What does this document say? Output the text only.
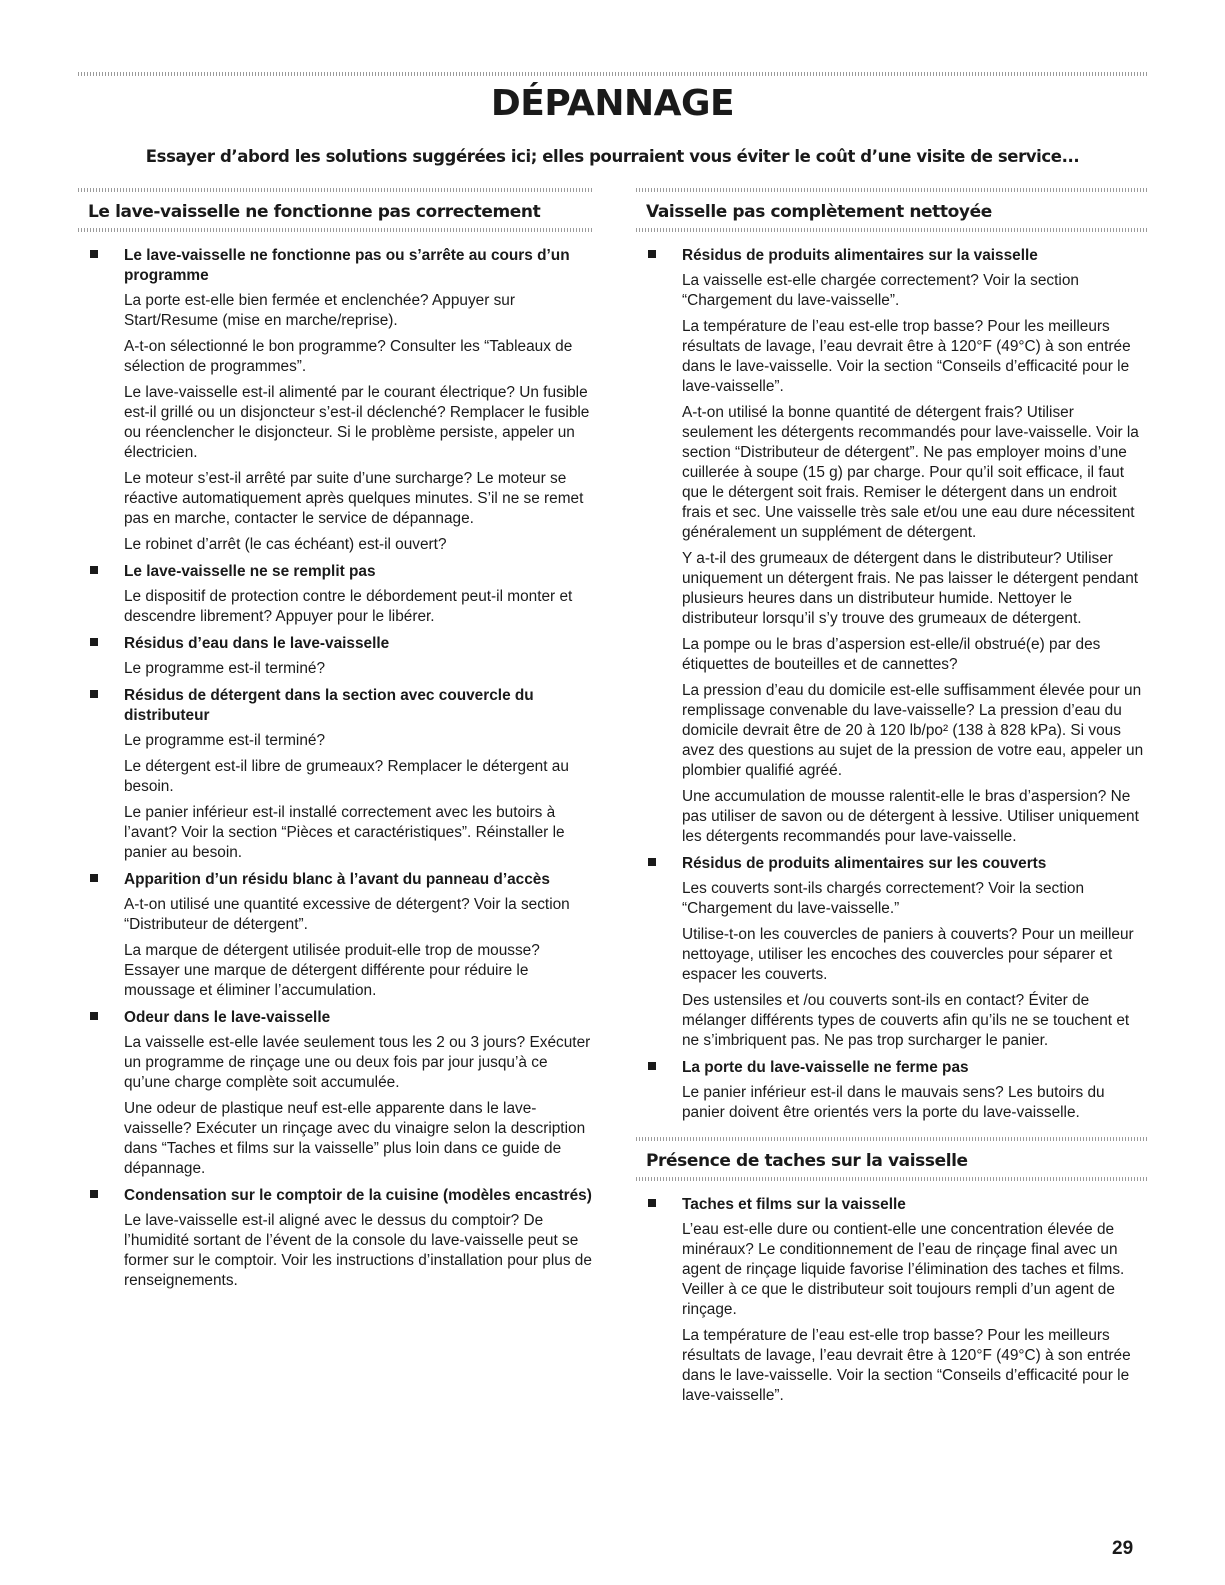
DÉPANNAGE

Essayer d’abord les solutions suggérées ici; elles pourraient vous éviter le coût d’une visite de service...

Le lave-vaisselle ne fonctionne pas correctement
Le lave-vaisselle ne fonctionne pas ou s’arrête au cours d’un programme

La porte est-elle bien fermée et enclenchée? Appuyer sur Start/Resume (mise en marche/reprise).

A-t-on sélectionné le bon programme? Consulter les “Tableaux de sélection de programmes”.

Le lave-vaisselle est-il alimenté par le courant électrique? Un fusible est-il grillé ou un disjoncteur s’est-il déclenché? Remplacer le fusible ou réenclencher le disjoncteur. Si le problème persiste, appeler un électricien.

Le moteur s’est-il arrêté par suite d’une surcharge? Le moteur se réactive automatiquement après quelques minutes. S’il ne se remet pas en marche, contacter le service de dépannage.

Le robinet d’arrêt (le cas échéant) est-il ouvert?

Le lave-vaisselle ne se remplit pas

Le dispositif de protection contre le débordement peut-il monter et descendre librement? Appuyer pour le libérer.

Résidus d’eau dans le lave-vaisselle

Le programme est-il terminé?

Résidus de détergent dans la section avec couvercle du distributeur

Le programme est-il terminé?

Le détergent est-il libre de grumeaux? Remplacer le détergent au besoin.

Le panier inférieur est-il installé correctement avec les butoirs à l’avant? Voir la section “Pièces et caractéristiques”. Réinstaller le panier au besoin.

Apparition d’un résidu blanc à l’avant du panneau d’accès

A-t-on utilisé une quantité excessive de détergent? Voir la section “Distributeur de détergent”.

La marque de détergent utilisée produit-elle trop de mousse? Essayer une marque de détergent différente pour réduire le moussage et éliminer l’accumulation.

Odeur dans le lave-vaisselle

La vaisselle est-elle lavée seulement tous les 2 ou 3 jours? Exécuter un programme de rinçage une ou deux fois par jour jusqu’à ce qu’une charge complète soit accumulée.

Une odeur de plastique neuf est-elle apparente dans le lave-vaisselle? Exécuter un rinçage avec du vinaigre selon la description dans “Taches et films sur la vaisselle” plus loin dans ce guide de dépannage.

Condensation sur le comptoir de la cuisine (modèles encastrés)

Le lave-vaisselle est-il aligné avec le dessus du comptoir? De l’humidité sortant de l’évent de la console du lave-vaisselle peut se former sur le comptoir. Voir les instructions d’installation pour plus de renseignements.

Vaisselle pas complètement nettoyée
Résidus de produits alimentaires sur la vaisselle

La vaisselle est-elle chargée correctement? Voir la section “Chargement du lave-vaisselle”.

La température de l’eau est-elle trop basse? Pour les meilleurs résultats de lavage, l’eau devrait être à 120°F (49°C) à son entrée dans le lave-vaisselle. Voir la section “Conseils d’efficacité pour le lave-vaisselle”.

A-t-on utilisé la bonne quantité de détergent frais? Utiliser seulement les détergents recommandés pour lave-vaisselle. Voir la section “Distributeur de détergent”. Ne pas employer moins d’une cuillerée à soupe (15 g) par charge. Pour qu’il soit efficace, il faut que le détergent soit frais. Remiser le détergent dans un endroit frais et sec. Une vaisselle très sale et/ou une eau dure nécessitent généralement un supplément de détergent.

Y a-t-il des grumeaux de détergent dans le distributeur? Utiliser uniquement un détergent frais. Ne pas laisser le détergent pendant plusieurs heures dans un distributeur humide. Nettoyer le distributeur lorsqu’il s’y trouve des grumeaux de détergent.

La pompe ou le bras d’aspersion est-elle/il obstrué(e) par des étiquettes de bouteilles et de cannettes?

La pression d’eau du domicile est-elle suffisamment élevée pour un remplissage convenable du lave-vaisselle? La pression d’eau du domicile devrait être de 20 à 120 lb/po² (138 à 828 kPa). Si vous avez des questions au sujet de la pression de votre eau, appeler un plombier qualifié agréé.

Une accumulation de mousse ralentit-elle le bras d’aspersion? Ne pas utiliser de savon ou de détergent à lessive. Utiliser uniquement les détergents recommandés pour lave-vaisselle.

Résidus de produits alimentaires sur les couverts

Les couverts sont-ils chargés correctement? Voir la section “Chargement du lave-vaisselle.”

Utilise-t-on les couvercles de paniers à couverts? Pour un meilleur nettoyage, utiliser les encoches des couvercles pour séparer et espacer les couverts.

Des ustensiles et /ou couverts sont-ils en contact? Éviter de mélanger différents types de couverts afin qu’ils ne se touchent et ne s’imbriquent pas. Ne pas trop surcharger le panier.

La porte du lave-vaisselle ne ferme pas

Le panier inférieur est-il dans le mauvais sens? Les butoirs du panier doivent être orientés vers la porte du lave-vaisselle.

Présence de taches sur la vaisselle
Taches et films sur la vaisselle

L’eau est-elle dure ou contient-elle une concentration élevée de minéraux? Le conditionnement de l’eau de rinçage final avec un agent de rinçage liquide favorise l’élimination des taches et films. Veiller à ce que le distributeur soit toujours rempli d’un agent de rinçage.

La température de l’eau est-elle trop basse? Pour les meilleurs résultats de lavage, l’eau devrait être à 120°F (49°C) à son entrée dans le lave-vaisselle. Voir la section “Conseils d’efficacité pour le lave-vaisselle”.

29
